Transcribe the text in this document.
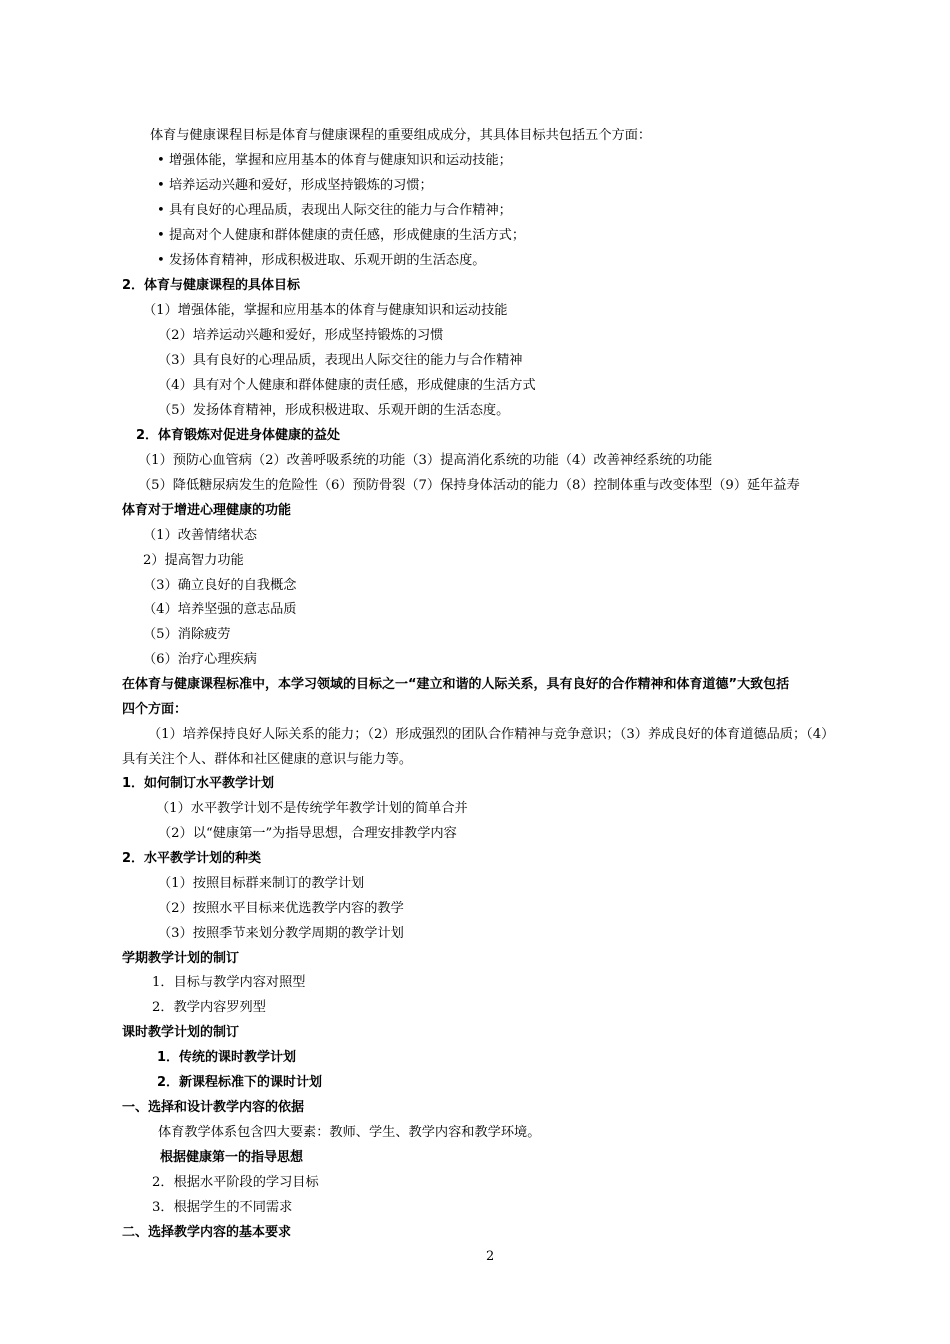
体育与健康课程目标是体育与健康课程的重要组成成分，其具体目标共包括五个方面：
• 增强体能，掌握和应用基本的体育与健康知识和运动技能；
• 培养运动兴趣和爱好，形成坚持锻炼的习惯；
• 具有良好的心理品质，表现出人际交往的能力与合作精神；
• 提高对个人健康和群体健康的责任感，形成健康的生活方式；
• 发扬体育精神，形成积极进取、乐观开朗的生活态度。
2．体育与健康课程的具体目标
（1）增强体能，掌握和应用基本的体育与健康知识和运动技能
（2）培养运动兴趣和爱好，形成坚持锻炼的习惯
（3）具有良好的心理品质，表现出人际交往的能力与合作精神
（4）具有对个人健康和群体健康的责任感，形成健康的生活方式
（5）发扬体育精神，形成积极进取、乐观开朗的生活态度。
2．体育锻炼对促进身体健康的益处
（1）预防心血管病（2）改善呼吸系统的功能（3）提高消化系统的功能（4）改善神经系统的功能
（5）降低糖尿病发生的危险性（6）预防骨裂（7）保持身体活动的能力（8）控制体重与改变体型（9）延年益寿
体育对于增进心理健康的功能
（1）改善情绪状态
2）提高智力功能
（3）确立良好的自我概念
（4）培养坚强的意志品质
（5）消除疲劳
（6）治疗心理疾病
在体育与健康课程标准中，本学习领域的目标之一“建立和谐的人际关系，具有良好的合作精神和体育道德”大致包括
四个方面：
（1）培养保持良好人际关系的能力；（2）形成强烈的团队合作精神与竞争意识；（3）养成良好的体育道德品质；（4）
具有关注个人、群体和社区健康的意识与能力等。
1．如何制订水平教学计划
（1）水平教学计划不是传统学年教学计划的简单合并
（2）以“健康第一”为指导思想，合理安排教学内容
2．水平教学计划的种类
（1）按照目标群来制订的教学计划
（2）按照水平目标来优选教学内容的教学
（3）按照季节来划分教学周期的教学计划
学期教学计划的制订
1．目标与教学内容对照型
2．教学内容罗列型
课时教学计划的制订
1．传统的课时教学计划
2．新课程标准下的课时计划
一、选择和设计教学内容的依据
体育教学体系包含四大要素：教师、学生、教学内容和教学环境。
根据健康第一的指导思想
2．根据水平阶段的学习目标
3．根据学生的不同需求
二、选择教学内容的基本要求
2
